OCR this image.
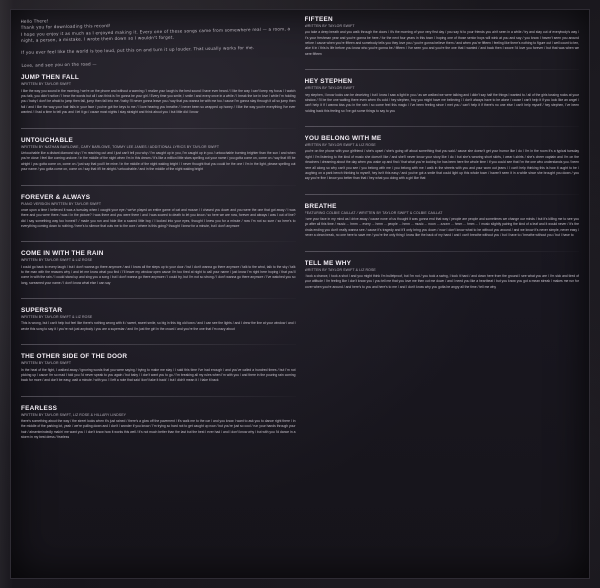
Hello There!
Thank you for downloading this record!
I hope you enjoy it as much as I enjoyed making it. Every one of these songs came from somewhere real — a room, a night, a person, a mistake. I wrote them down so I wouldn't forget.

If you ever feel like the world is too loud, put this on and turn it up louder. That usually works for me.

Love, and see you on the road —
JUMP THEN FALL

WRITTEN BY TAYLOR SWIFT

I like the way you sound in the morning / we're on the phone and without a warning / I realize your laugh is the best sound I have ever heard / I like the way I can't keep my focus / I watch you talk, you didn't notice / I hear the words but all I can think is I'm gonna be your girl / Every time you smile, I smile / and every once in a while / I break the ice in love / while I'm holding you / baby I don't be afraid to jump then fall, jump then fall into me / baby I'll never gonna leave you / say that you wanna be with me too / cause I'm gonna stay through it all so jump then fall / and I like the way your hair falls in your face / you've got the keys to me / I love hearing you breathe / I never been so wrapped up honey / I like the way you're everything I've ever wanted / I had a time to tell you and I let it go / cause most nights I stay straight and think about you / but little did I know

UNTOUCHABLE

WRITTEN BY NATHAN BARLOWE, CARY BARLOWE, TOMMY LEE JAMES / ADDITIONAL LYRICS BY TAYLOR SWIFT

Untouchable like a distant diamond sky / I'm reaching out and I just can't tell you why / I'm caught up in you, I'm caught up in you / untouchable burning brighter than the sun / and when you're close I feel like coming undone / in the middle of the night when I'm in this dream / it's like a million little stars spelling out your name / you gotta come on, come on / say that it'll be alright / you gotta come on, come on / just say that you'll be mine / in the middle of the night waking bright / I never thought that you could be the one / I'm in the light, please spelling out your name / you gotta come on, come on / say that it'll be alright / untouchable / and in the middle of the night waking bright

FOREVER & ALWAYS

PIANO VERSION WRITTEN BY TAYLOR SWIFT

once upon a time I believed it was a tuesday when I caught your eye / we've played an entire game of cat and mouse / I chased you down and you were the one that got away / I was there and you were there / was I in the picture? I was there and you were there / and I was scared to death to let you know / so here we are now, forever and always / was I out of line? did I say something way too honest? / made you run and hide like a scared little boy / I looked into your eyes, thought I knew you for a minute / now I'm not so sure / so here's to everything coming down to nothing / here's to silence that cuts me to the core / where is this going? thought I knew for a minute, but I don't anymore

COME IN WITH THE RAIN

WRITTEN BY TAYLOR SWIFT & LIZ ROSE

I could go back to every laugh / but I don't wanna go there anymore / and I know all the steps up to your door / but I don't wanna go there anymore / talk to the wind, talk to the sky / talk to the man with the reasons why / and let me know what you find / I'll leave my window open cause I'm too tired at night to call your name / just know I'm right here hoping / that you'll come in with the rain / I could stand up and sing you a song / but I don't wanna go there anymore / I could try, but I'm not so strong / I don't wanna go there anymore / I've watched you so long, screamed your name / I don't know what else I can say

SUPERSTAR

WRITTEN BY TAYLOR SWIFT & LIZ ROSE

This is wrong, but I can't help but feel like there's nothing wrong with it / sweet, sweet smile, so big in this big old town / and I can see the lights / and I drew the line at your window / and I wrote this song to say it / you're not just anybody / you are a superstar / and I'm just the girl in the crowd / and you're the one that I'm crazy about

THE OTHER SIDE OF THE DOOR

WRITTEN BY TAYLOR SWIFT

In the heat of the fight, I walked away / ignoring words that you were saying / trying to make me stay / I said this time I've had enough / and you've called a hundred times / but I'm not picking up / cause I'm so mad I told you I'd never speak to you again / but baby / I don't want you to go / I'm breaking all my rules when I'm with you / and there in the pouring rain coming back for more / and don't be easy, wait a minute / with you / I left a note that said 'don't take it back' / but I didn't mean it / I take it back

FEARLESS

WRITTEN BY TAYLOR SWIFT, LIZ ROSE & HILLARY LINDSEY

there's something about the way / the street looks when it's just rained / there's a glow off the pavement / it's walk me to the car / and you know I want to ask you to dance right there / in the middle of the parking lot, yeah / we're pulling down and I don't / wonder if you know / I'm trying so hard not to get caught up now / but you're just so cool / run your hands through your hair / absentmindedly makin' me want you / I don't know how it works this well / it's not much better than the last but the best I ever had / and I don't know why / but with you I'd dance in a storm in my best dress / fearless

FIFTEEN

WRITTEN BY TAYLOR SWIFT

you take a deep breath and you walk through the doors / it's the morning of your very first day / you say hi to your friends you ain't seen in a while / try and stay out of everybody's way / it's your freshman year and you're gonna be here / for the next four years in this town / hoping one of those senior boys will wink at you and say / you know I haven't seen you around before / cause when you're fifteen and somebody tells you they love you / you're gonna believe them / and when you're fifteen / feeling like there's nothing to figure out / well count to ten, take it in / this is life before you know who you're gonna be / fifteen / I've seen you and you're the one that I wanted / and back then I swore I'd love you forever / but that was when we were fifteen

HEY STEPHEN

WRITTEN BY TAYLOR SWIFT

hey stephen, I know looks can be deceiving / but I know I saw a light in you / as we walked we were talking and I didn't say half the things I wanted to / all of the girls tossing rocks at your window / I'll be the one waiting there even when it's cold / hey stephen, boy you might have me believing / I don't always have to be alone / cause I can't help it if you look like an angel / can't help it if I wanna kiss you in the rain / so come feel this magic / I've been feeling since I met you / can't help it if there's no one else / can't help myself / hey stephen, I've been holding back this feeling so I've got some things to say to you

YOU BELONG WITH ME

WRITTEN BY TAYLOR SWIFT & LIZ ROSE

you're on the phone with your girlfriend / she's upset / she's going off about something that you said / cause she doesn't get your humor like I do / I'm in the room it's a typical tuesday night / I'm listening to the kind of music she doesn't like / and she'll never know your story like I do / but she's wearing short skirts, I wear t-shirts / she's cheer captain and I'm on the bleachers / dreaming about the day when you wake up and find / that what you're looking for has been here the whole time / if you could see that I'm the one who understands you / been here all along so why can't you see / you belong with me / you belong with me / walk in the streets with you and your worn out jeans / I can't help thinking this is how it ought to be / laughing on a park bench thinking to myself, hey isn't this easy / and you've got a smile that could light up this whole town / haven't seen it in a while since she brought you down / you say you're fine I know you better than that / hey what you doing with a girl like that

BREATHE

FEATURING COLBIE CAILLAT / WRITTEN BY TAYLOR SWIFT & COLBIE CAILLAT

I see your face in my mind as I drive away / cause none of us thought it was gonna end that way / people are people and sometimes we change our minds / but it's killing me to see you go after all this time / music ... hmm ... every ... hmm ... people ... hmm ... music ... noon ... zzzzm ... hmm ... hmm ... I music slightly pairing the kind of a leaf and it would never / it's the kinda ending you don't really wanna see / cause it's tragedy and it'll only bring you down / now I don't know what to be without you around / and we know it's never simple, never easy / never a clean break, no one here to save me / you're the only thing I know like the back of my hand / and I can't breathe without you / but I have to / breathe without you / but I have to

TELL ME WHY

WRITTEN BY TAYLOR SWIFT & LIZ ROSE

I took a chance, I took a shot / and you might think I'm bulletproof, but I'm not / you took a swing, I took it hard / and down here from the ground I see what you are / I'm sick and tired of your attitude / I'm feeling like I don't know you / you tell me that you love me then cut me down / and I need you like a heartbeat / but you know you got a mean streak / makes me run for cover when you're around / and here's to you and here's to me / and I don't know why you gotta be angry all the time / tell me why
